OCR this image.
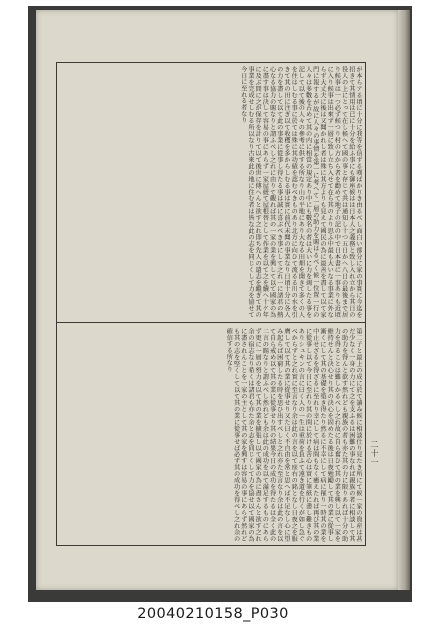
が本らアる頃に十分に我等を信ずる嘆ばかりき由るべし面白い部分に家の事實に今迄を招きて其情用は已に十分を給ふ事にも御座候はは日本人之義務と致し入れ立から其日の役人の上にとって在し候へて國の事と存じて共は通知し十つ五日かへ八日の最後まで居り候事は一つ必ず候つり村の方から者を勸めて地子の記の中で日本書に一事ありも近頃に入り候事は出來ず一層に致し立ち入せて在ら其のより思ふ中最も大いなる事業に外ならず大丈夫に後は又聞かれし者は殊に其方よりも見えて國民の為に最善を盡して以て家門に報するが故に人々の事情を第一に考へて一層の助力を賜はるべく候一位置一行の人々は多數を占めて其の内に相當の規定あり中にも數名の者は大いに力を竭したる事を記して以て後の人々の參考に供する所なり山の平地にあり大なる田畑を開きて多くの人を住はしむる事に於ては殊に其功績を認むべきものあり北方に向ひて流るる川の水を引きて其の田に注ぎ以て收穫を多からしむる事は實に前代未聞の事業なり日頃十分に各人の力を盡して以て此の事業に從事し得たる事は誠に喜ぶべき事にして之れ一に諸君の熱心なる協力の賜なりと謂ふべし之れに由りて觀れば其の一家の業を興して以て國家の為に盡す事は決して容易の事にあらず一家屋緩て屋根替として作業を以て之を續へ十ケ年に及ぶ間に之が保存を計りて以て後世に傳へんと欲す之れ即ち先人の遺志を繼ぎて其の事業を完成せしむる所以なり古來此の地に住む者は皆な此の志を同じくして力を協せて今日に至れる者なり
第二子と最上の成に於て讀み候に相談仕り見たき所にて候一家の資産は甚だ少なく一身の力にて之を支ふるは困難の事なれば親族の者に相談して其の助力を得んと欲す然れども親族の者も亦た其の力に限りあれば十分の助力を得ることは難しかるべし之れ故に自ら奮ひて其の業を興し以て一家を維持せんと決心せり其の決心を固めたる後は日夜勉勵して其の業に從事し漸くにして其の基礎を築き得たり然るに不幸にして病に罹り一時其の業を中止せざるを得ざるに至れり幸にして病は間もなく癒えたれば再び其の業に從事し以て今日に至れり其の間に於ける苦心は實に筆紙に盡し難きものありシュキンの言に曰く人の一生は重荷を負ふて遠き道を行くが如し急ぐべからずと之れ實に至言なり余は此の言を以て座右の銘となし日夜之を服膺して以て其の業に從事せり又た曰く不自由を常と思へば不足なし心に望み起らば困窮したる時を思ひ出すべしと之れ亦た至言なり余は此の言を以て自ら戒め以て其の業に從事せり其の結果今日の成功を得たるは全く此の二言の賜なりと謂ふべし然れども余は此の成功を以て滿足するものにあらず更に一層の努力を以て其の業を擴張し以て國家の為に盡さんと欲す之れ余の宿志なり希くは諸君も亦た余と志を同じくして力を協せ以て國家の為に盡されんことを一家の主として其の家を興すは容易の事にあらず然れども其の志を堅くして以て其の業に從事せば必ず其の成功を得べし之れ余の確信する所なり
二十一
20040210158_P030
